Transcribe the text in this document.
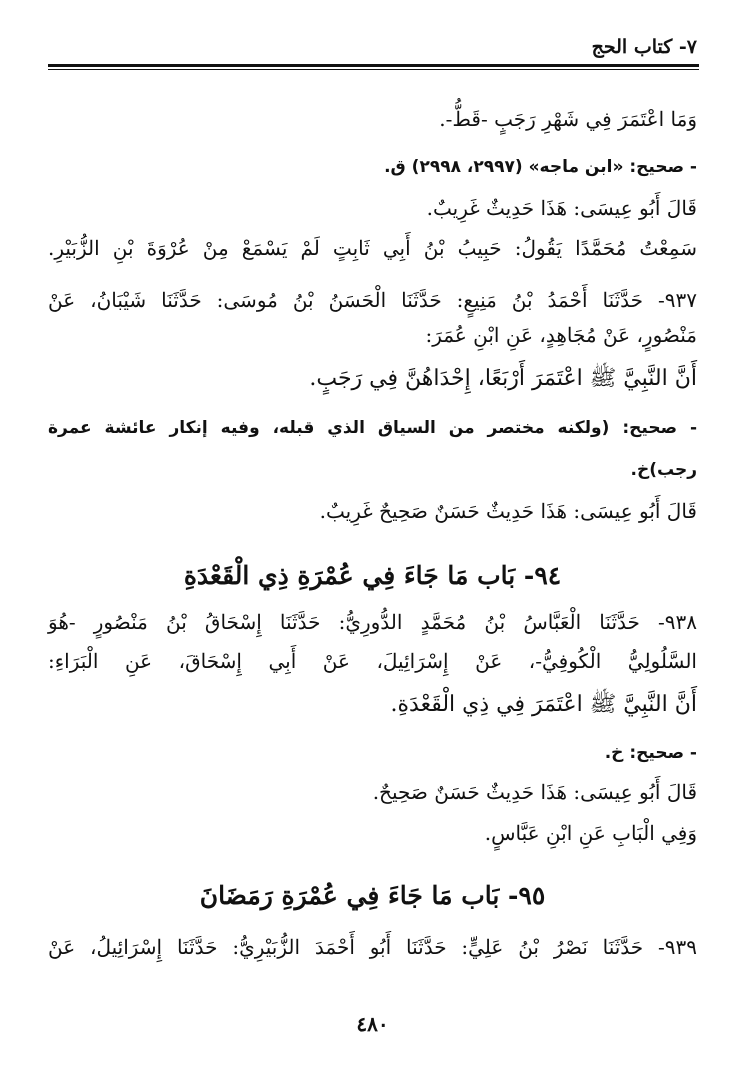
٧- كتاب الحج
وَمَا اعْتَمَرَ فِي شَهْرِ رَجَبٍ -قَطُّ-.
- صحيح: «ابن ماجه» (٢٩٩٧، ٢٩٩٨) ق.
قَالَ أَبُو عِيسَى: هَذَا حَدِيثٌ غَرِيبٌ.
سَمِعْتُ مُحَمَّدًا يَقُولُ: حَبِيبُ بْنُ أَبِي ثَابِتٍ لَمْ يَسْمَعْ مِنْ عُرْوَةَ بْنِ الزُّبَيْرِ.
٩٣٧- حَدَّثَنَا أَحْمَدُ بْنُ مَنِيعٍ: حَدَّثَنَا الْحَسَنُ بْنُ مُوسَى: حَدَّثَنَا شَيْبَانُ، عَنْ
مَنْصُورٍ، عَنْ مُجَاهِدٍ، عَنِ ابْنِ عُمَرَ:
أَنَّ النَّبِيَّ ﷺ اعْتَمَرَ أَرْبَعًا، إِحْدَاهُنَّ فِي رَجَبٍ.
- صحيح: (ولكنه مختصر من السياق الذي قبله، وفيه إنكار عائشة عمرة
رجب)خ.
قَالَ أَبُو عِيسَى: هَذَا حَدِيثٌ حَسَنٌ صَحِيحٌ غَرِيبٌ.
٩٤- بَاب مَا جَاءَ فِي عُمْرَةِ ذِي الْقَعْدَةِ
٩٣٨- حَدَّثَنَا الْعَبَّاسُ بْنُ مُحَمَّدٍ الدُّورِيُّ: حَدَّثَنَا إِسْحَاقُ بْنُ مَنْصُورٍ -هُوَ
السَّلُولِيُّ الْكُوفِيُّ-، عَنْ إِسْرَائِيلَ، عَنْ أَبِي إِسْحَاقَ، عَنِ الْبَرَاءِ:
أَنَّ النَّبِيَّ ﷺ اعْتَمَرَ فِي ذِي الْقَعْدَةِ.
- صحيح: خ.
قَالَ أَبُو عِيسَى: هَذَا حَدِيثٌ حَسَنٌ صَحِيحٌ.
وَفِي الْبَابِ عَنِ ابْنِ عَبَّاسٍ.
٩٥- بَاب مَا جَاءَ فِي عُمْرَةِ رَمَضَانَ
٩٣٩- حَدَّثَنَا نَصْرُ بْنُ عَلِيٍّ: حَدَّثَنَا أَبُو أَحْمَدَ الزُّبَيْرِيُّ: حَدَّثَنَا إِسْرَائِيلُ، عَنْ
٤٨٠
